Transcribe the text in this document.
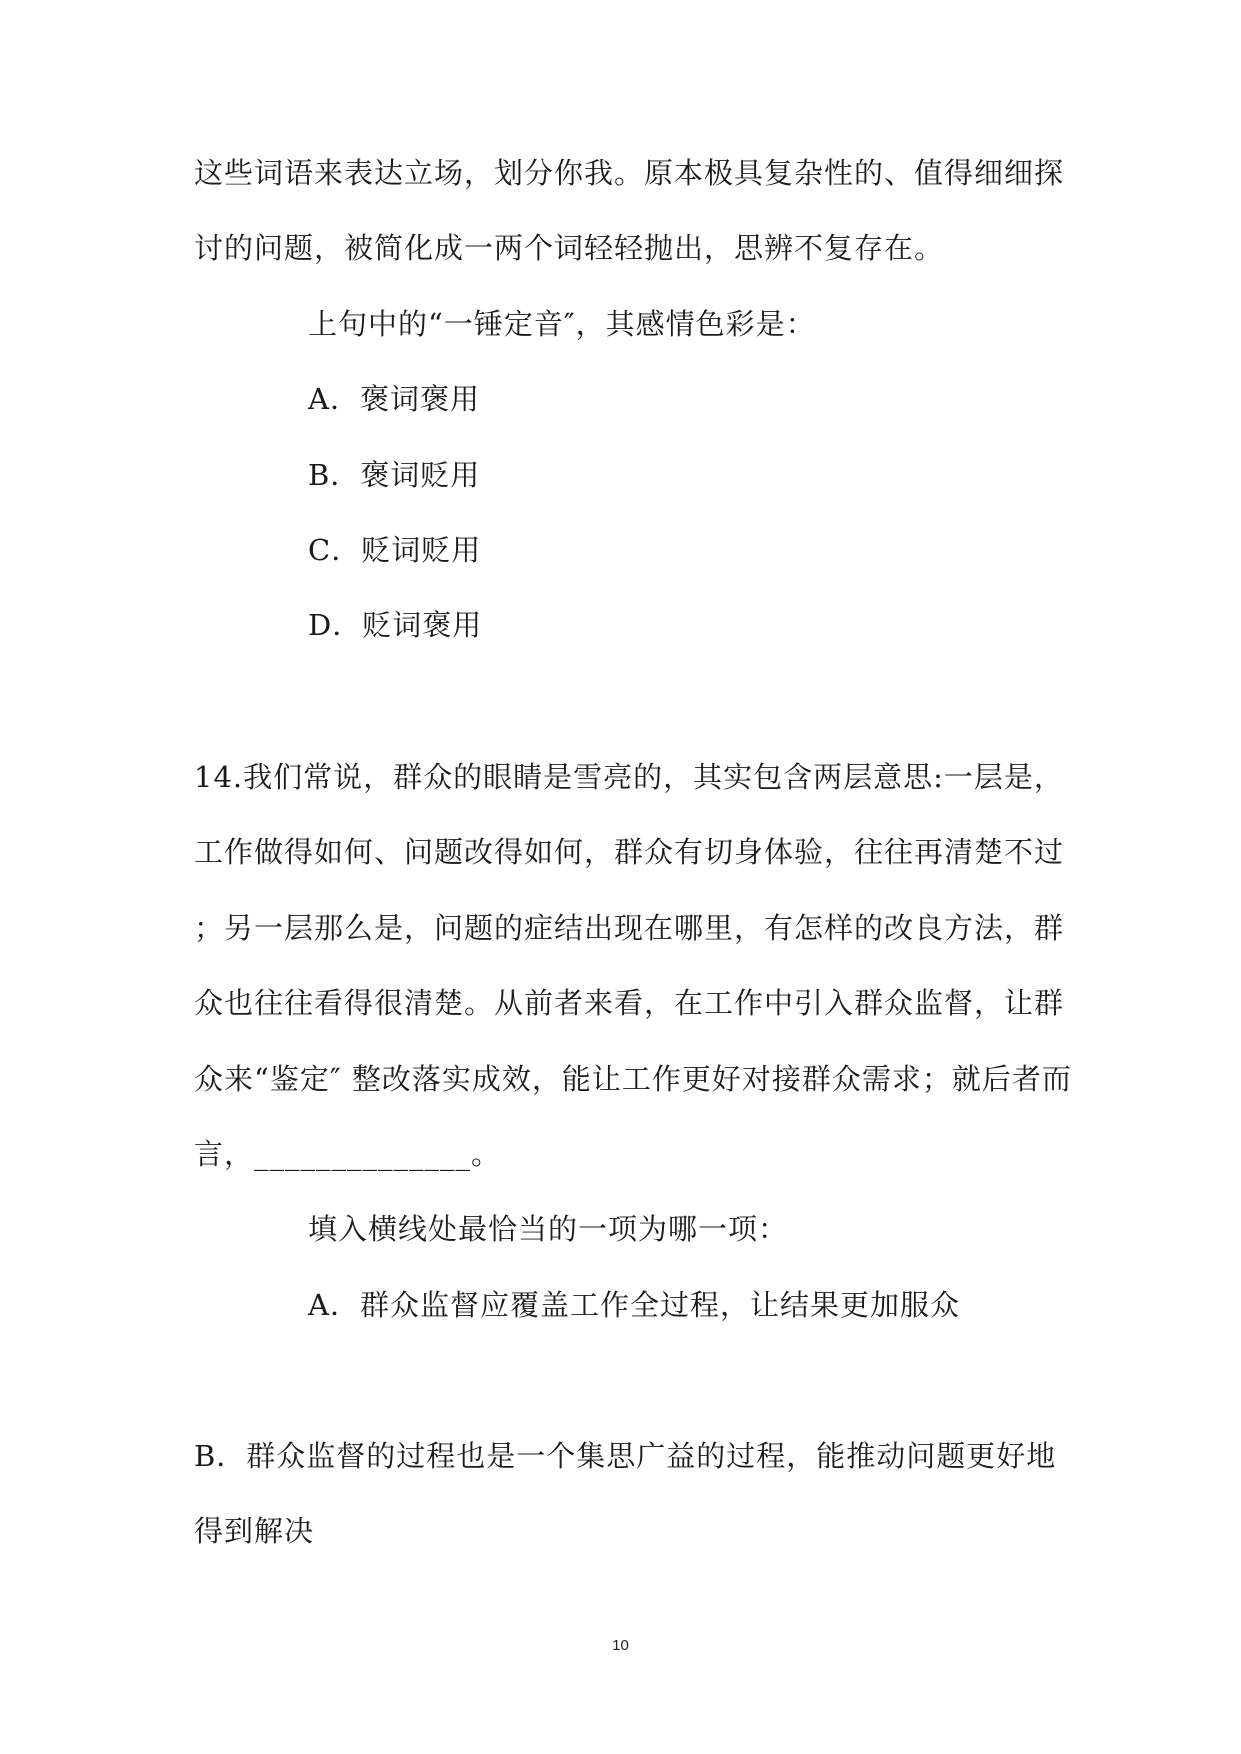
这些词语来表达立场，划分你我。原本极具复杂性的、值得细细探
讨的问题，被简化成一两个词轻轻抛出，思辨不复存在。
上句中的“一锤定音″，其感情色彩是：
A．褒词褒用
B．褒词贬用
C．贬词贬用
D．贬词褒用
14.我们常说，群众的眼睛是雪亮的，其实包含两层意思:一层是，
工作做得如何、问题改得如何，群众有切身体验，往往再清楚不过
；另一层那么是，问题的症结出现在哪里，有怎样的改良方法，群
众也往往看得很清楚。从前者来看，在工作中引入群众监督，让群
众来“鉴定″ 整改落实成效，能让工作更好对接群众需求；就后者而
言，______________。
填入横线处最恰当的一项为哪一项：
A．群众监督应覆盖工作全过程，让结果更加服众
B．群众监督的过程也是一个集思广益的过程，能推动问题更好地
得到解决
10
